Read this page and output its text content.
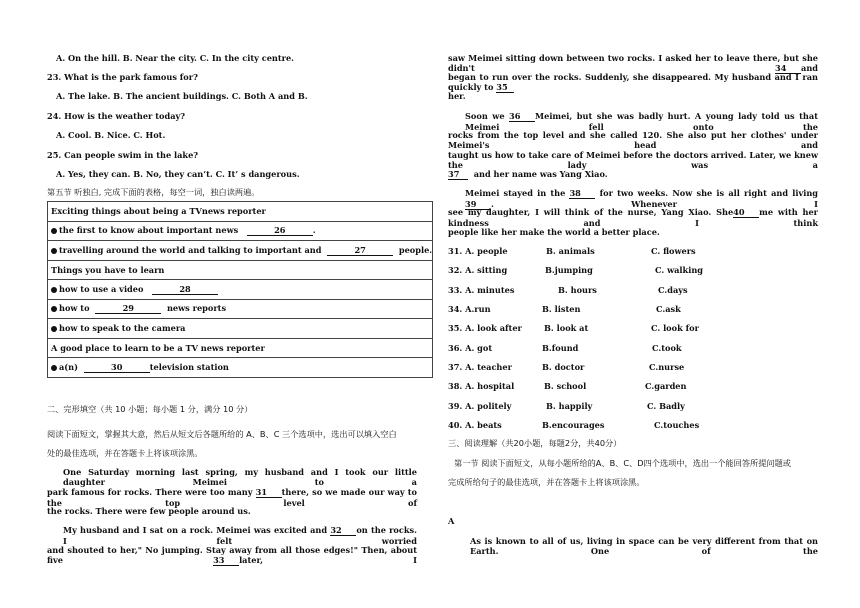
A. On the hill. B. Near the city. C. In the city centre.
23. What is the park famous for?
A. The lake. B. The ancient buildings. C. Both A and B.
24. How is the weather today?
A. Cool. B. Nice. C. Hot.
25. Can people swim in the lake?
A. Yes, they can. B. No, they can’t. C. It’ s dangerous.
第五节 听独白, 完成下面的表格，每空一词，独白读两遍。
Exciting things about being a TVnews reporter
the first to know about important news	26	.
travelling around the world and talking to important and	27	people.
Things you have to learn
how to use a video	28
how to	29	news reports
how to speak to the camera
A good place to learn to be a TV news reporter
a(n)	30	television station
二、完形填空（共 10 小题；每小题 1 分，满分 10 分）
阅读下面短文，掌握其大意，然后从短文后各题所给的 A、B、C 三个选项中，选出可以填入空白
处的最佳选项，并在答题卡上将该项涂黑。
One Saturday morning last spring, my husband and I took our little daughter Meimei to a
park famous for rocks. There were too many 31 there, so we made our way to the top level of
the rocks. There were few people around us.
My husband and I sat on a rock. Meimei was excited and 32 on the rocks. I felt worried
and shouted to her," No jumping. Stay away from all those edges!" Then, about five	33 later, I
saw Meimei sitting down between two rocks. I asked her to leave there, but she didn't	34 and
began to run over the rocks. Suddenly, she disappeared. My husband and I ran quickly to 35
her.
Soon we 36 Meimei, but she was badly hurt. A young lady told us that Meimei fell onto the
rocks from the top level and she called 120. She also put her clothes' under Meimei's head and
taught us how to take care of Meimei before the doctors arrived. Later, we knew the lady was a
37 and her name was Yang Xiao.
Meimei stayed in the 38 for two weeks. Now she is all right and living39 . Whenever I
see my daughter, I will think of the nurse, Yang Xiao. She40 me with her kindness and I think
people like her make the world a better place.
31. A. people	B. animals	C. flowers
32. A. sitting	B.jumping	C. walking
33. A. minutes	B. hours	C.days
34. A.run	B. listen	C.ask
35. A. look after	B. look at	C. look for
36. A. got	B.found	C.took
37. A. teacher	B. doctor	C.nurse
38. A. hospital	B. school	C.garden
39. A. politely	B. happily	C. Badly
40. A. beats	B.encourages	C.touches
三、阅读理解（共20小题，每题2分，共40分）
第一节 阅读下面短文，从每小题所给的A、B、C、D四个选项中，选出一个能回答所提问题或
完成所给句子的最佳选项，并在答题卡上将该项涂黑。
A
As is known to all of us, living in space can be very different from that on Earth. One of the
